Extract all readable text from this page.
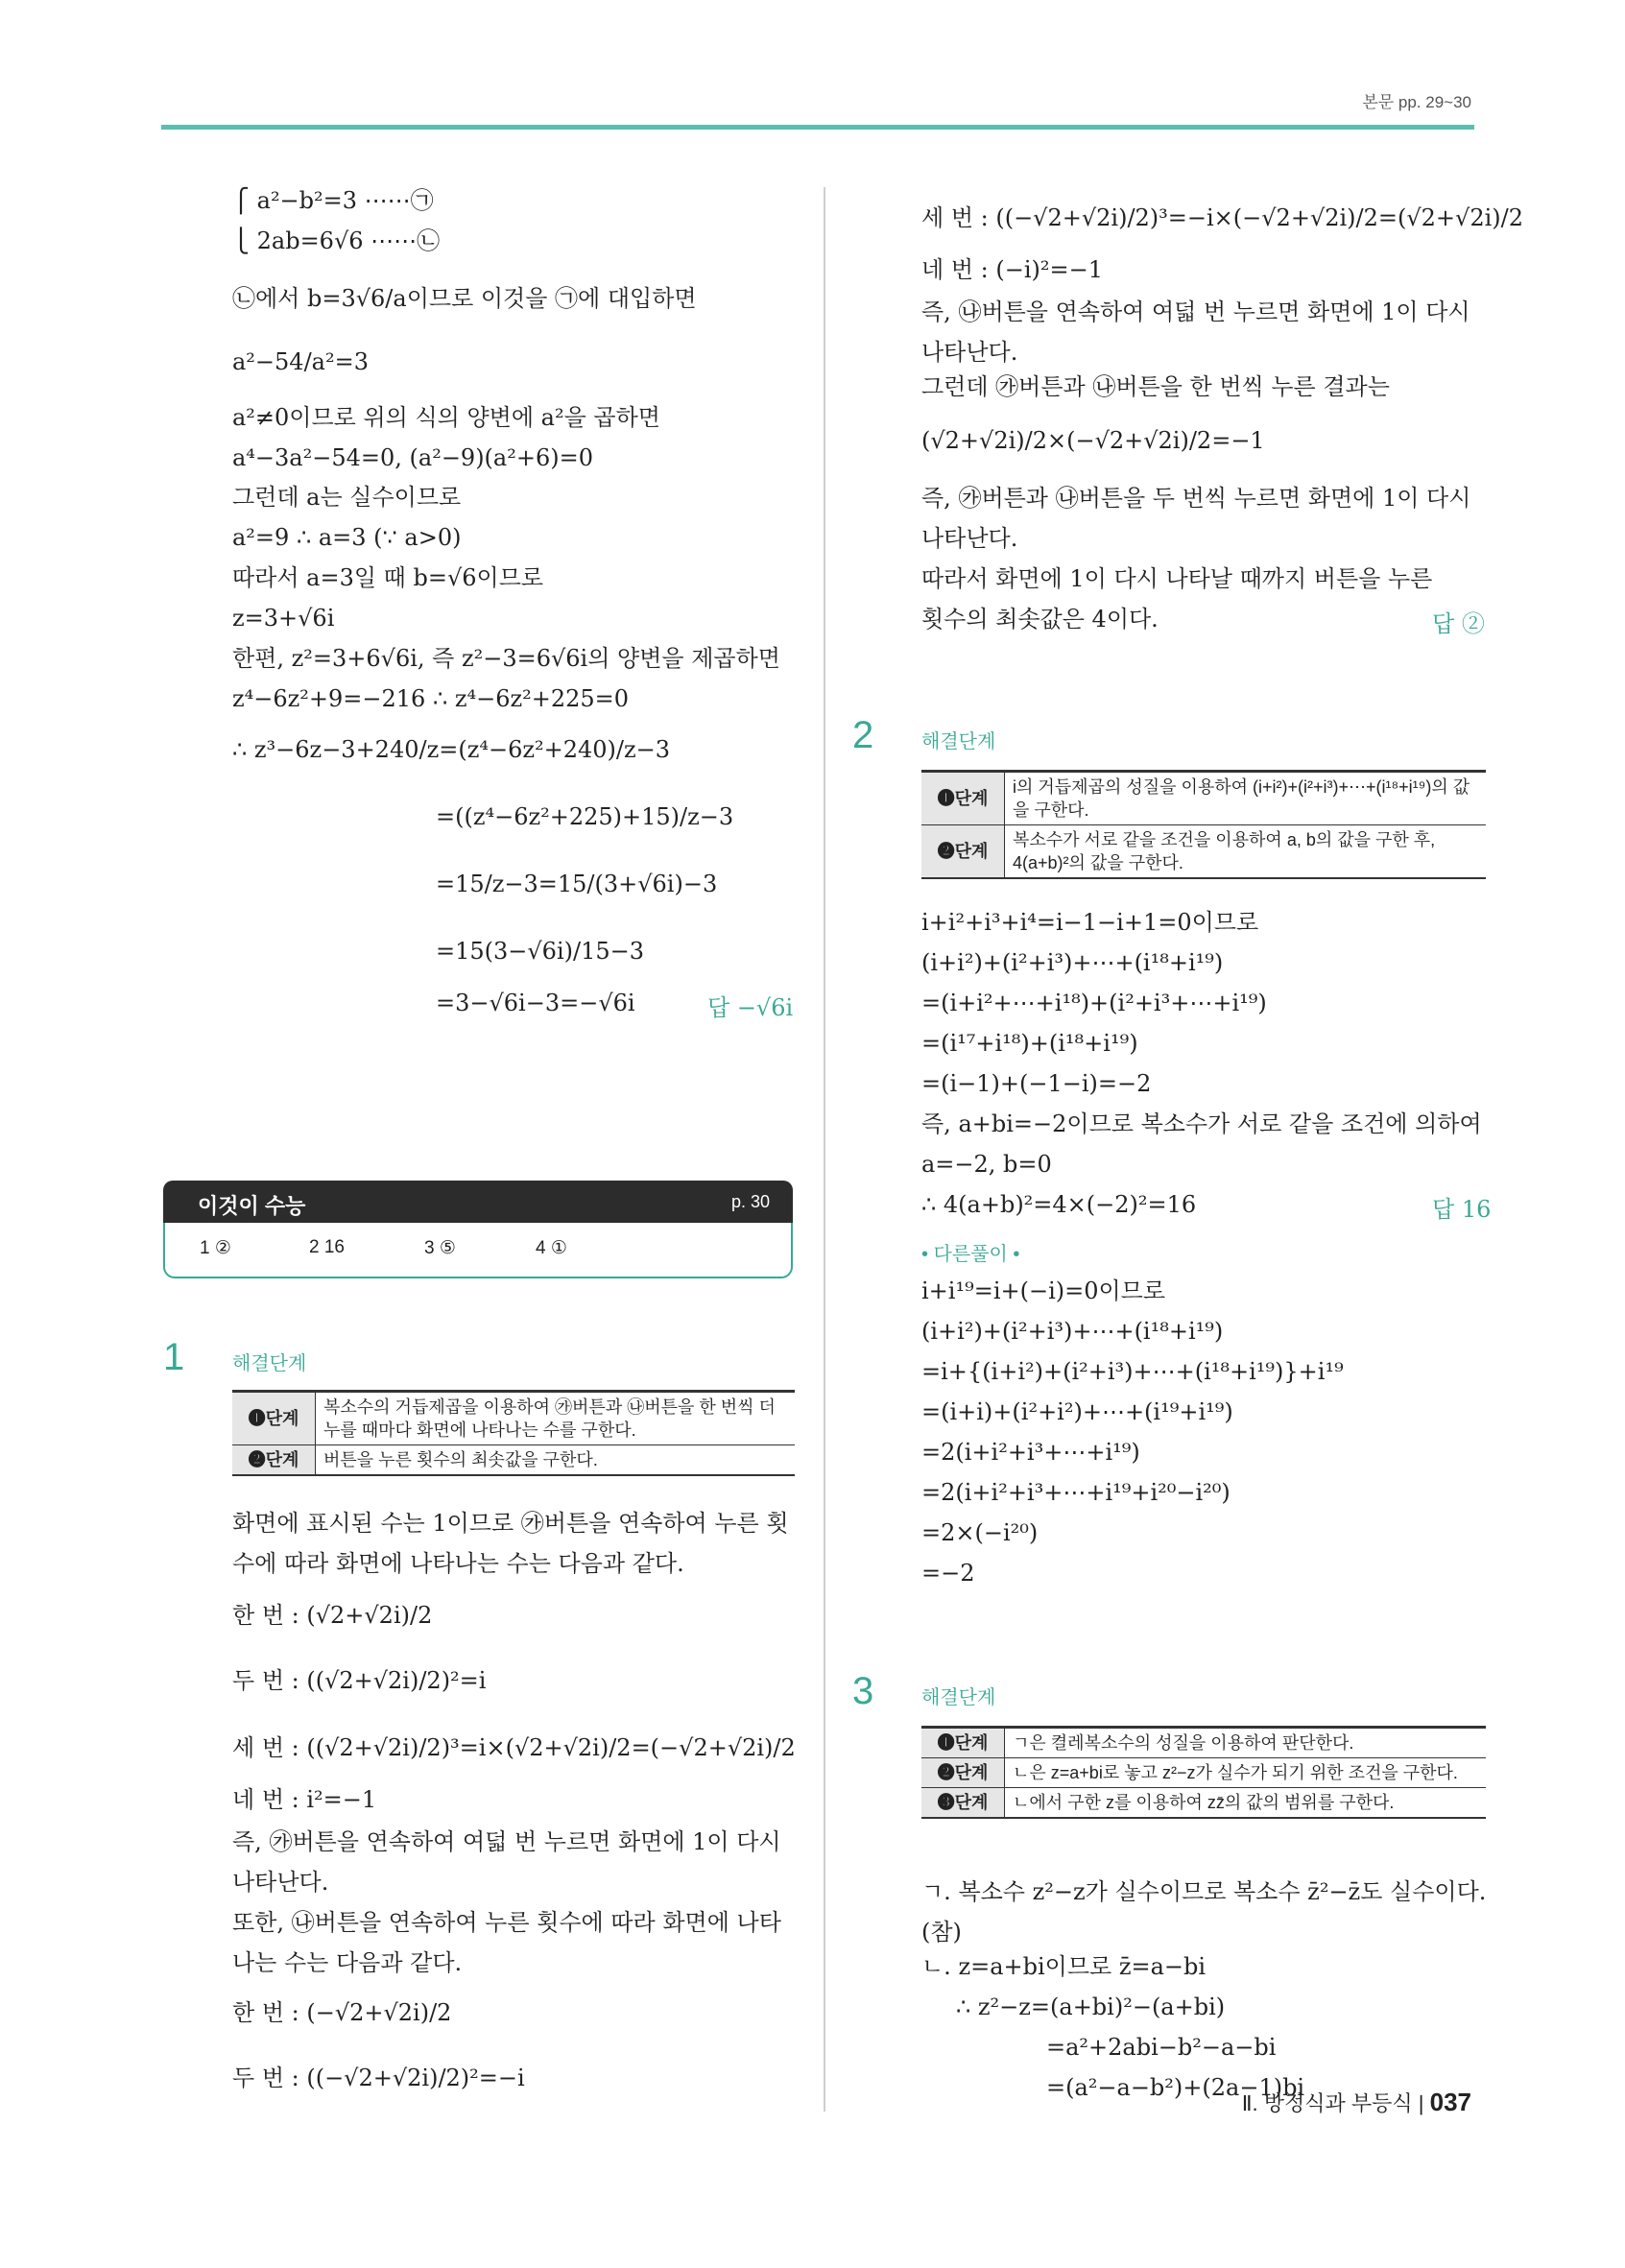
본문 pp. 29~30
⎧ a²−b²=3 ⋯⋯㉠
⎩ 2ab=6√6 ⋯⋯㉡
㉡에서 b=3√6/a이므로 이것을 ㉠에 대입하면
a²−54/a²=3
a²≠0이므로 위의 식의 양변에 a²을 곱하면
a⁴−3a²−54=0, (a²−9)(a²+6)=0
그런데 a는 실수이므로
a²=9 ∴ a=3 (∵ a>0)
따라서 a=3일 때 b=√6이므로
z=3+√6i
한편, z²=3+6√6i, 즉 z²−3=6√6i의 양변을 제곱하면
z⁴−6z²+9=−216 ∴ z⁴−6z²+225=0
∴ z³−6z−3+240/z=(z⁴−6z²+240)/z−3
=((z⁴−6z²+225)+15)/z−3
=15/z−3=15/(3+√6i)−3
=15(3−√6i)/15−3
=3−√6i−3=−√6i	답 −√6i
이것이 수능	p. 30
1 ②	2 16	3 ⑤	4 ①
1 해결단계
❶단계	복소수의 거듭제곱을 이용하여 ㉮버튼과 ㉯버튼을 한 번씩 더 누를 때마다 화면에 나타나는 수를 구한다.
❷단계	버튼을 누른 횟수의 최솟값을 구한다.
화면에 표시된 수는 1이므로 ㉮버튼을 연속하여 누른 횟수에 따라 화면에 나타나는 수는 다음과 같다.
한 번 : (√2+√2i)/2
두 번 : ((√2+√2i)/2)²=i
세 번 : ((√2+√2i)/2)³=i×(√2+√2i)/2=(−√2+√2i)/2
네 번 : i²=−1
즉, ㉮버튼을 연속하여 여덟 번 누르면 화면에 1이 다시 나타난다.
또한, ㉯버튼을 연속하여 누른 횟수에 따라 화면에 나타나는 수는 다음과 같다.
한 번 : (−√2+√2i)/2
두 번 : ((−√2+√2i)/2)²=−i
세 번 : ((−√2+√2i)/2)³=−i×(−√2+√2i)/2=(√2+√2i)/2
네 번 : (−i)²=−1
즉, ㉯버튼을 연속하여 여덟 번 누르면 화면에 1이 다시 나타난다.
그런데 ㉮버튼과 ㉯버튼을 한 번씩 누른 결과는
(√2+√2i)/2×(−√2+√2i)/2=−1
즉, ㉮버튼과 ㉯버튼을 두 번씩 누르면 화면에 1이 다시 나타난다.
따라서 화면에 1이 다시 나타날 때까지 버튼을 누른 횟수의 최솟값은 4이다.	답 ②
2 해결단계
❶단계	i의 거듭제곱의 성질을 이용하여 (i+i²)+(i²+i³)+⋯+(i¹⁸+i¹⁹)의 값을 구한다.
❷단계	복소수가 서로 같을 조건을 이용하여 a, b의 값을 구한 후, 4(a+b)²의 값을 구한다.
i+i²+i³+i⁴=i−1−i+1=0이므로
(i+i²)+(i²+i³)+⋯+(i¹⁸+i¹⁹)
=(i+i²+⋯+i¹⁸)+(i²+i³+⋯+i¹⁹)
=(i¹⁷+i¹⁸)+(i¹⁸+i¹⁹)
=(i−1)+(−1−i)=−2
즉, a+bi=−2이므로 복소수가 서로 같을 조건에 의하여
a=−2, b=0
∴ 4(a+b)²=4×(−2)²=16	답 16
• 다른풀이 •
i+i¹⁹=i+(−i)=0이므로
(i+i²)+(i²+i³)+⋯+(i¹⁸+i¹⁹)
=i+{(i+i²)+(i²+i³)+⋯+(i¹⁸+i¹⁹)}+i¹⁹
=(i+i)+(i²+i²)+⋯+(i¹⁹+i¹⁹)
=2(i+i²+i³+⋯+i¹⁹)
=2(i+i²+i³+⋯+i¹⁹+i²⁰−i²⁰)
=2×(−i²⁰)
=−2
3 해결단계
❶단계	ㄱ은 켤레복소수의 성질을 이용하여 판단한다.
❷단계	ㄴ은 z=a+bi로 놓고 z²−z가 실수가 되기 위한 조건을 구한다.
❸단계	ㄴ에서 구한 z를 이용하여 zz̄의 값의 범위를 구한다.
ㄱ. 복소수 z²−z가 실수이므로 복소수 z̄²−z̄도 실수이다. (참)
ㄴ. z=a+bi이므로 z̄=a−bi
∴ z²−z=(a+bi)²−(a+bi)
=a²+2abi−b²−a−bi
=(a²−a−b²)+(2a−1)bi
Ⅱ. 방정식과 부등식 | 037
